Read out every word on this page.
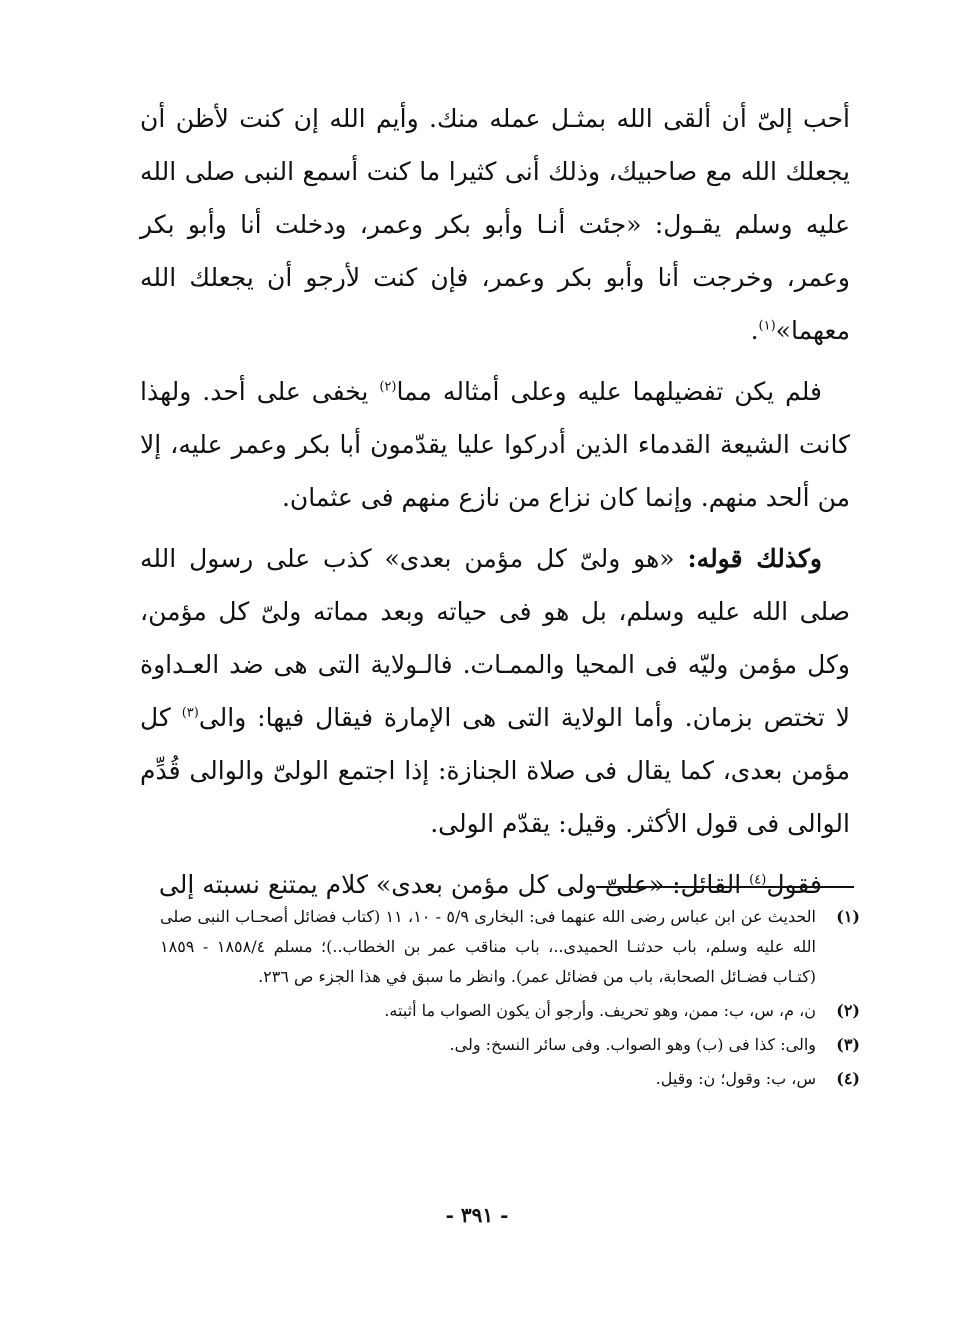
أحب إلىّ أن ألقى الله بمثـل عمله منك. وأيم الله إن كنت لأظن أن يجعلك الله مع صاحبيك، وذلك أنى كثيرا ما كنت أسمع النبى صلى الله عليه وسلم يقـول: «جئت أنـا وأبو بكر وعمر، ودخلت أنا وأبو بكر وعمر، وخرجت أنا وأبو بكر وعمر، فإن كنت لأرجو أن يجعلك الله معهما»$^{(١)}$.

فلم يكن تفضيلهما عليه وعلى أمثاله مما$^{(٢)}$ يخفى على أحد. ولهذا كانت الشيعة القدماء الذين أدركوا عليا يقدّمون أبا بكر وعمر عليه، إلا من ألحد منهم. وإنما كان نزاع من نازع منهم فى عثمان.

وكذلك قوله: «هو ولىّ كل مؤمن بعدى» كذب على رسول الله صلى الله عليه وسلم، بل هو فى حياته وبعد مماته ولىّ كل مؤمن، وكل مؤمن وليّه فى المحيا والممـات. فالـولاية التى هى ضد العـداوة لا تختص بزمان. وأما الولاية التى هى الإمارة فيقال فيها: والى$^{(٣)}$ كل مؤمن بعدى، كما يقال فى صلاة الجنازة: إذا اجتمع الولىّ والوالى قُدِّم الوالى فى قول الأكثر. وقيل: يقدّم الولى.

فقول$^{(٤)}$ القائل: «علىّ ولى كل مؤمن بعدى» كلام يمتنع نسبته إلى

(١)
الحديث عن ابن عباس رضى الله عنهما فى: البخارى ٥/٩ - ١٠، ١١ (كتاب فضائل أصحـاب النبى صلى الله عليه وسلم، باب حدثنـا الحميدى..، باب مناقب عمر بن الخطاب..)؛ مسلم ١٨٥٨/٤ - ١٨٥٩ (كتـاب فضـائل الصحابة، باب من فضائل عمر). وانظر ما سبق في هذا الجزء ص ٢٣٦.
(٢)
ن، م، س، ب: ممن، وهو تحريف. وأرجو أن يكون الصواب ما أثبته.
(٣)
والى: كذا فى (ب) وهو الصواب. وفى سائر النسخ: ولى.
(٤)
س، ب: وقول؛ ن: وقيل.
- ٣٩١ -
